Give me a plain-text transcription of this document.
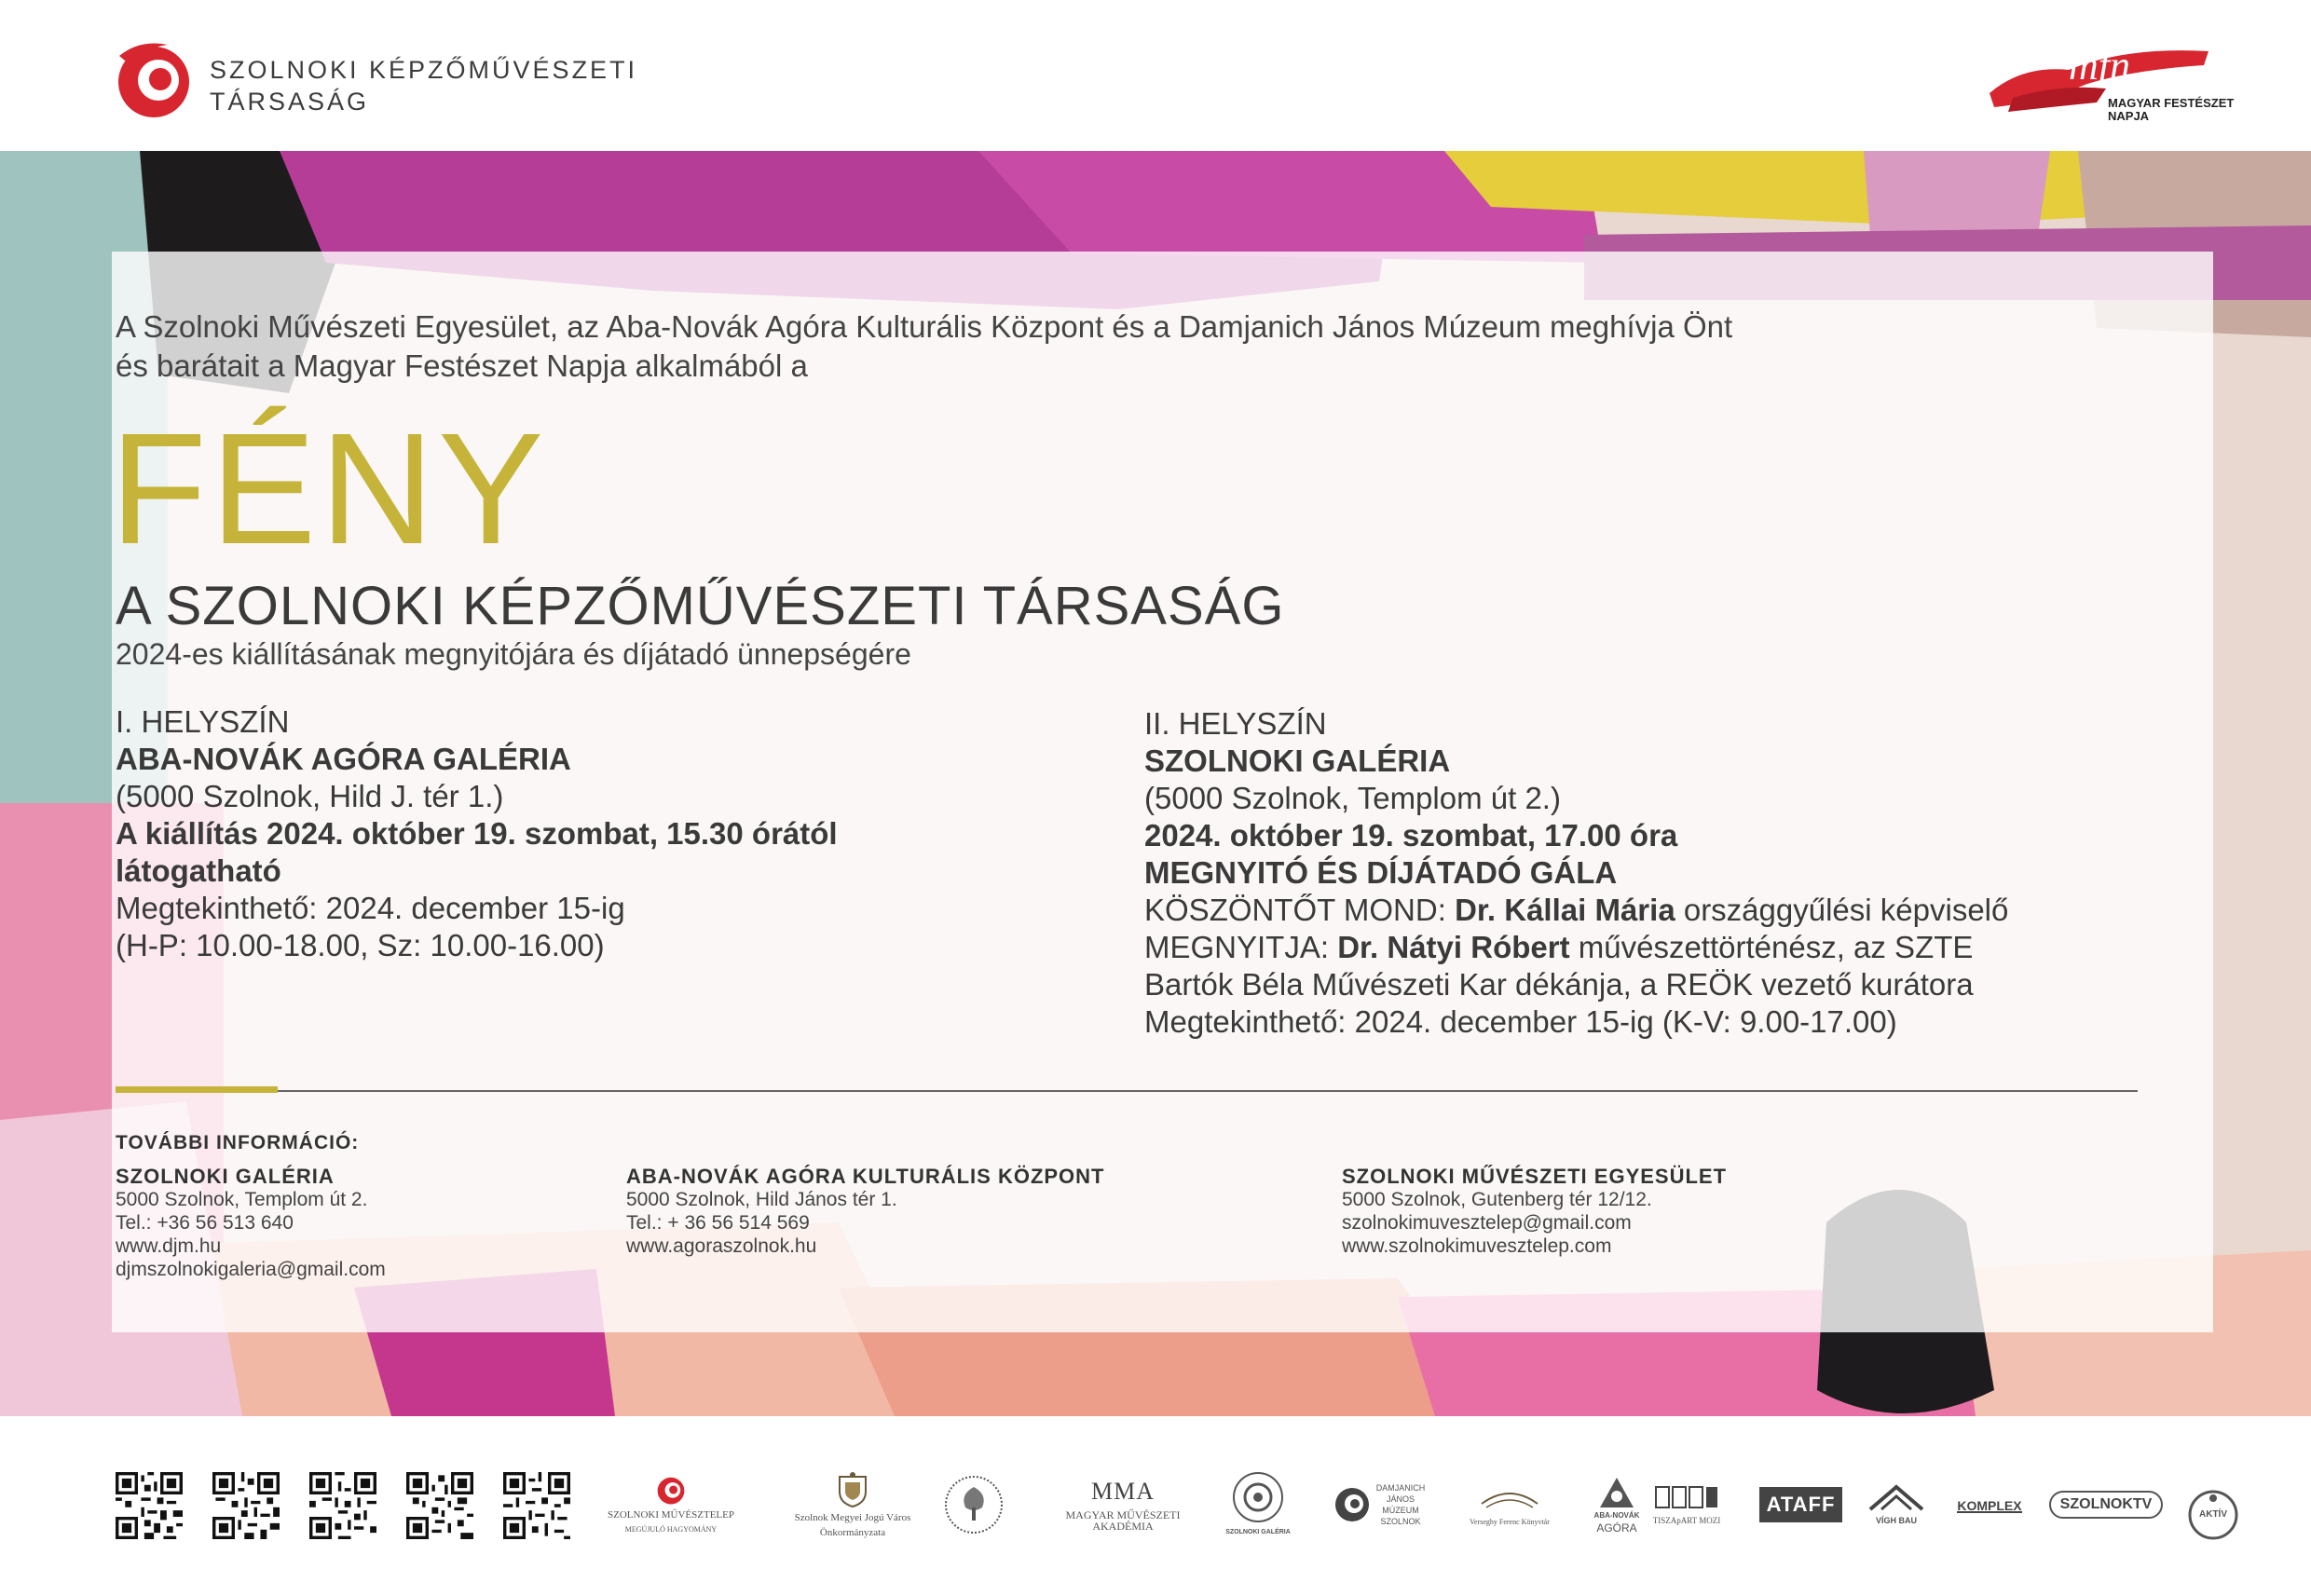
SZOLNOKI KÉPZŐMŰVÉSZETI
TÁRSASÁG
mfn
MAGYAR FESTÉSZET
NAPJA
A Szolnoki Művészeti Egyesület, az Aba-Novák Agóra Kulturális Központ és a Damjanich János Múzeum meghívja Önt
és barátait a Magyar Festészet Napja alkalmából a
FÉNY
A SZOLNOKI KÉPZŐMŰVÉSZETI TÁRSASÁG
2024-es kiállításának megnyitójára és díjátadó ünnepségére
I. HELYSZÍN
ABA-NOVÁK AGÓRA GALÉRIA
(5000 Szolnok, Hild J. tér 1.)
A kiállítás 2024. október 19. szombat, 15.30 órától
látogatható
Megtekinthető: 2024. december 15-ig
(H-P: 10.00-18.00, Sz: 10.00-16.00)
II. HELYSZÍN
SZOLNOKI GALÉRIA
(5000 Szolnok, Templom út 2.)
2024. október 19. szombat, 17.00 óra
MEGNYITÓ ÉS DÍJÁTADÓ GÁLA
KÖSZÖNTŐT MOND: Dr. Kállai Mária országgyűlési képviselő
MEGNYITJA: Dr. Nátyi Róbert művészettörténész, az SZTE
Bartók Béla Művészeti Kar dékánja, a REÖK vezető kurátora
Megtekinthető: 2024. december 15-ig (K-V: 9.00-17.00)
TOVÁBBI INFORMÁCIÓ:
SZOLNOKI GALÉRIA
5000 Szolnok, Templom út 2.
Tel.: +36 56 513 640
www.djm.hu
djmszolnokigaleria@gmail.com
ABA-NOVÁK AGÓRA KULTURÁLIS KÖZPONT
5000 Szolnok, Hild János tér 1.
Tel.: + 36 56 514 569
www.agoraszolnok.hu
SZOLNOKI MŰVÉSZETI EGYESÜLET
5000 Szolnok, Gutenberg tér 12/12.
szolnokimuvesztelep@gmail.com
www.szolnokimuvesztelep.com
SZOLNOKI MŰVÉSZTELEP
MEGÚJULÓ HAGYOMÁNY
Szolnok Megyei Jogú Város
Önkormányzata
MMA
MAGYAR MŰVÉSZETI AKADÉMIA	SZOLNOKI GALÉRIA
DAMJANICH
JÁNOS
MÚZEUM
SZOLNOK	Verseghy Ferenc Könyvtár
ABA-NOVÁK
AGÓRA
TISZApART MOZI
ATAFF
VÍGH BAU
KOMPLEX	SZOLNOKTV
AKTÍV
